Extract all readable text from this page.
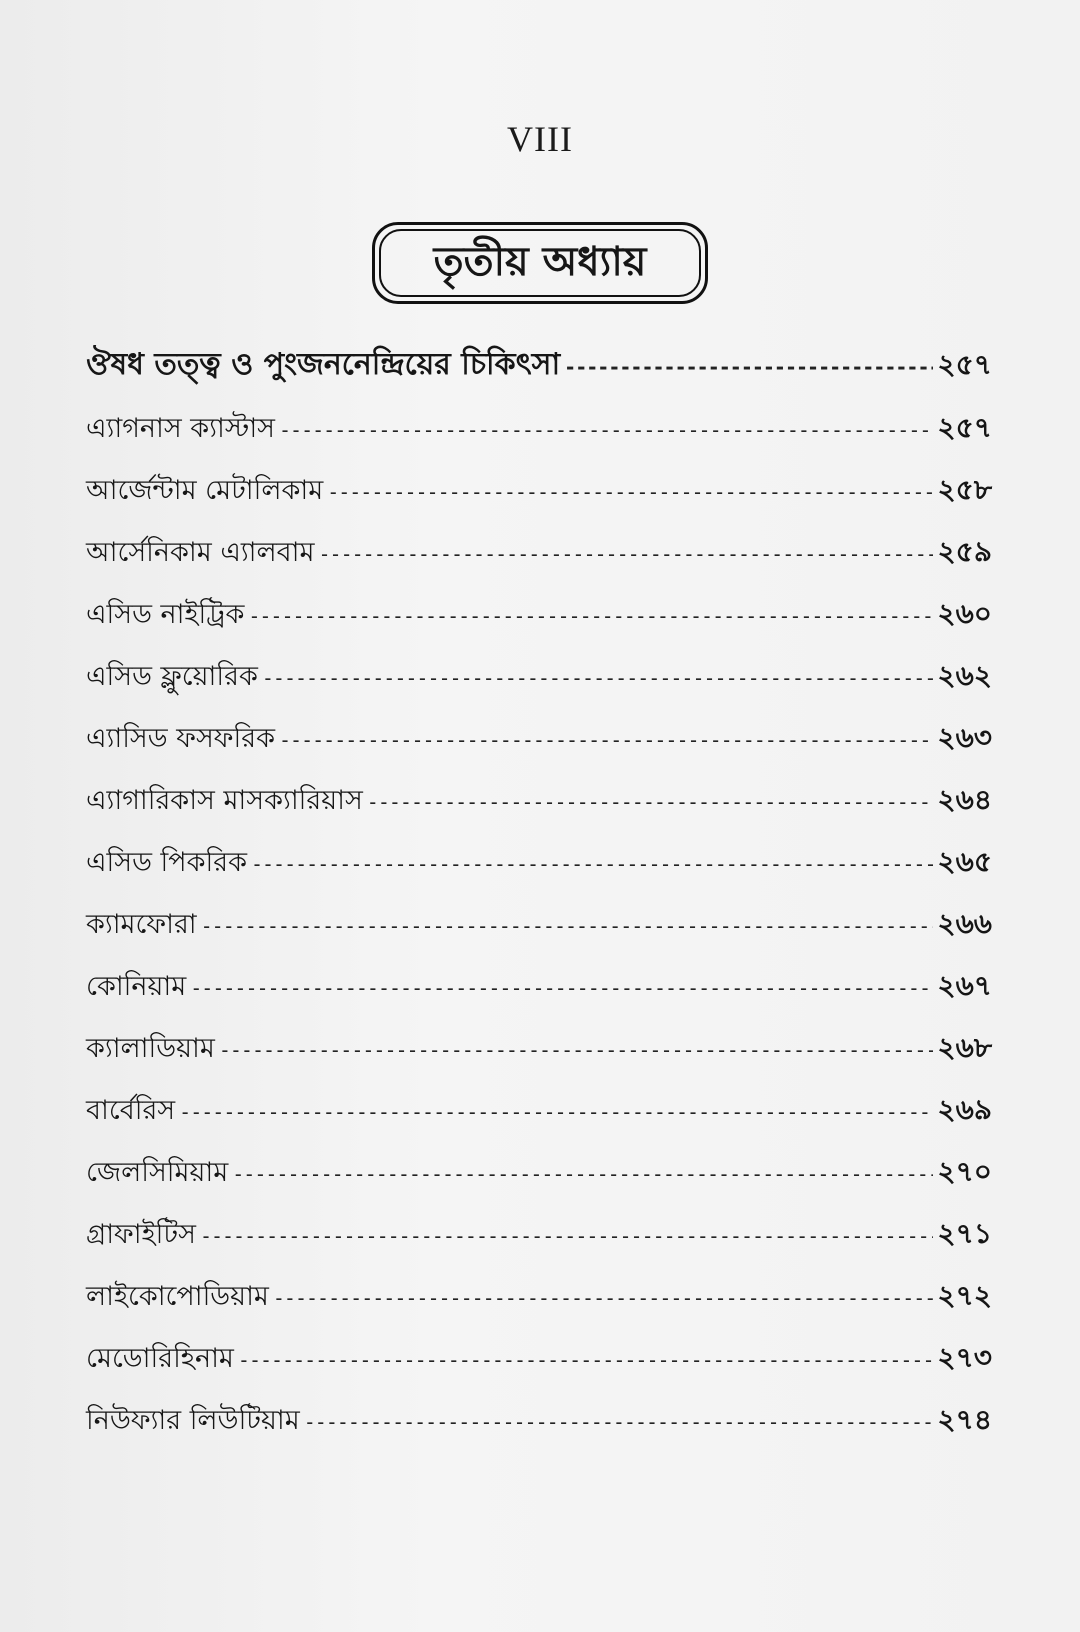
VIII
তৃতীয় অধ্যায়
ঔষধ তত্ত্ব ও পুংজননেন্দ্রিয়ের চিকিৎসা -----	২৫৭
এ্যাগনাস ক্যাস্টাস -----	২৫৭
আর্জেন্টাম মেটালিকাম -----	২৫৮
আর্সেনিকাম এ্যালবাম -----	২৫৯
এসিড নাইট্রিক -----	২৬০
এসিড ফ্লুয়োরিক -----	২৬২
এ্যাসিড ফসফরিক -----	২৬৩
এ্যাগারিকাস মাসক্যারিয়াস -----	২৬৪
এসিড পিকরিক -----	২৬৫
ক্যামফোরা -----	২৬৬
কোনিয়াম -----	২৬৭
ক্যালাডিয়াম -----	২৬৮
বার্বেরিস -----	২৬৯
জেলসিমিয়াম -----	২৭০
গ্রাফাইটিস -----	২৭১
লাইকোপোডিয়াম -----	২৭২
মেডোরিহিনাম -----	২৭৩
নিউফ্যার লিউটিয়াম -----	২৭৪
